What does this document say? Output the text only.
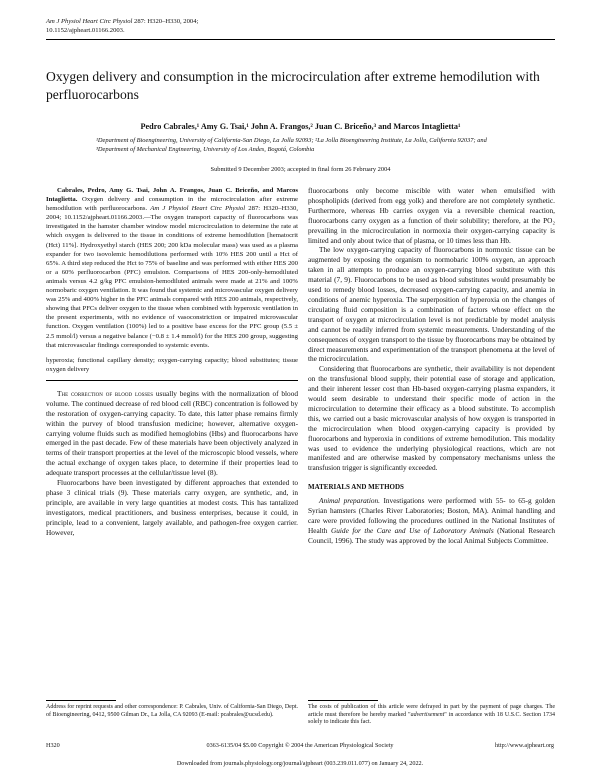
Am J Physiol Heart Circ Physiol 287: H320–H330, 2004;
10.1152/ajpheart.01166.2003.
Oxygen delivery and consumption in the microcirculation after extreme hemodilution with perfluorocarbons
Pedro Cabrales,¹ Amy G. Tsai,¹ John A. Frangos,² Juan C. Briceño,³ and Marcos Intaglietta¹
¹Department of Bioengineering, University of California-San Diego, La Jolla 92093; ²La Jolla Bioengineering Institute, La Jolla, California 92037; and ³Department of Mechanical Engineering, University of Los Andes, Bogotá, Colombia
Submitted 9 December 2003; accepted in final form 26 February 2004

Cabrales, Pedro, Amy G. Tsai, John A. Frangos, Juan C. Briceño, and Marcos Intaglietta. Oxygen delivery and consumption in the microcirculation after extreme hemodilution with perfluorocarbons. Am J Physiol Heart Circ Physiol 287: H320–H330, 2004; 10.1152/ajpheart.01166.2003.—The oxygen transport capacity of fluorocarbons was investigated in the hamster chamber window model microcirculation to determine the rate at which oxygen is delivered to the tissue in conditions of extreme hemodilution [hematocrit (Hct) 11%]. Hydroxyethyl starch (HES 200; 200 kDa molecular mass) was used as a plasma expander for two isovolemic hemodilutions performed with 10% HES 200 until a Hct of 65%. A third step reduced the Hct to 75% of baseline and was performed with either HES 200 or a 60% perfluorocarbon (PFC) emulsion. Comparisons of HES 200-only-hemodiluted animals versus 4.2 g/kg PFC emulsion-hemodiluted animals were made at 21% and 100% normobaric oxygen ventilation. It was found that systemic and microvascular oxygen delivery was 25% and 400% higher in the PFC animals compared with HES 200 animals, respectively, showing that PFCs deliver oxygen to the tissue when combined with hyperoxic ventilation in the present experiments, with no evidence of vasoconstriction or impaired microvascular function. Oxygen ventilation (100%) led to a positive base excess for the PFC group (5.5 ± 2.5 mmol/l) versus a negative balance (−0.8 ± 1.4 mmol/l) for the HES 200 group, suggesting that microvascular findings corresponded to systemic events.

hyperoxia; functional capillary density; oxygen-carrying capacity; blood substitutes; tissue oxygen delivery

The correction of blood losses usually begins with the normalization of blood volume. The continued decrease of red blood cell (RBC) concentration is followed by the restoration of oxygen-carrying capacity. To date, this latter phase remains firmly within the purvey of blood transfusion medicine; however, alternative oxygen-carrying volume fluids such as modified hemoglobins (Hbs) and fluorocarbons have emerged in the past decade. Few of these materials have been objectively analyzed in terms of their transport properties at the level of the microscopic blood vessels, where the actual exchange of oxygen takes place, to determine if their properties lead to adequate transport processes at the cellular/tissue level (8).

Fluorocarbons have been investigated by different approaches that extended to phase 3 clinical trials (9). These materials carry oxygen, are synthetic, and, in principle, are available in very large quantities at modest costs. This has tantalized investigators, medical practitioners, and business enterprises, because it could, in principle, lead to a convenient, largely available, and pathogen-free oxygen carrier. However,

fluorocarbons only become miscible with water when emulsified with phospholipids (derived from egg yolk) and therefore are not completely synthetic. Furthermore, whereas Hb carries oxygen via a reversible chemical reaction, fluorocarbons carry oxygen as a function of their solubility; therefore, at the PO₂ prevailing in the microcirculation in normoxia their oxygen-carrying capacity is limited and only about twice that of plasma, or 10 times less than Hb.

The low oxygen-carrying capacity of fluorocarbons in normoxic tissue can be augmented by exposing the organism to normobaric 100% oxygen, an approach taken in all attempts to produce an oxygen-carrying blood substitute with this material (7, 9). Fluorocarbons to be used as blood substitutes would presumably be used to remedy blood losses, decreased oxygen-carrying capacity, and anemia in conditions of anemic hyperoxia. The superposition of hyperoxia on the changes of circulating fluid composition is a combination of factors whose effect on the transport of oxygen at microcirculation level is not predictable by model analysis and cannot be readily inferred from systemic measurements. Understanding of the consequences of oxygen transport to the tissue by fluorocarbons may be obtained by direct measurements and experimentation of the transport phenomena at the level of the microcirculation.

Considering that fluorocarbons are synthetic, their availability is not dependent on the transfusional blood supply, their potential ease of storage and application, and their inherent lesser cost than Hb-based oxygen-carrying plasma expanders, it would seem desirable to understand their specific mode of action in the microcirculation to determine their efficacy as a blood substitute. To accomplish this, we carried out a basic microvascular analysis of how oxygen is transported in the microcirculation when blood oxygen-carrying capacity is provided by fluorocarbons and hyperoxia in conditions of extreme hemodilution. This modality was used to evidence the underlying physiological reactions, which are not manifested and are otherwise masked by compensatory mechanisms unless the transfusion trigger is significantly exceeded.

MATERIALS AND METHODS

Animal preparation. Investigations were performed with 55- to 65-g golden Syrian hamsters (Charles River Laboratories; Boston, MA). Animal handling and care were provided following the procedures outlined in the National Institutes of Health Guide for the Care and Use of Laboratory Animals (National Research Council, 1996). The study was approved by the local Animal Subjects Committee.

Address for reprint requests and other correspondence: P. Cabrales, Univ. of California-San Diego, Dept. of Bioengineering, 0412, 9500 Gilman Dr., La Jolla, CA 92093 (E-mail: pcabrales@ucsd.edu).
The costs of publication of this article were defrayed in part by the payment of page charges. The article must therefore be hereby marked "advertisement" in accordance with 18 U.S.C. Section 1734 solely to indicate this fact.
H320	0363-6135/04 $5.00 Copyright © 2004 the American Physiological Society	http://www.ajpheart.org
Downloaded from journals.physiology.org/journal/ajpheart (003.239.011.077) on January 24, 2022.
